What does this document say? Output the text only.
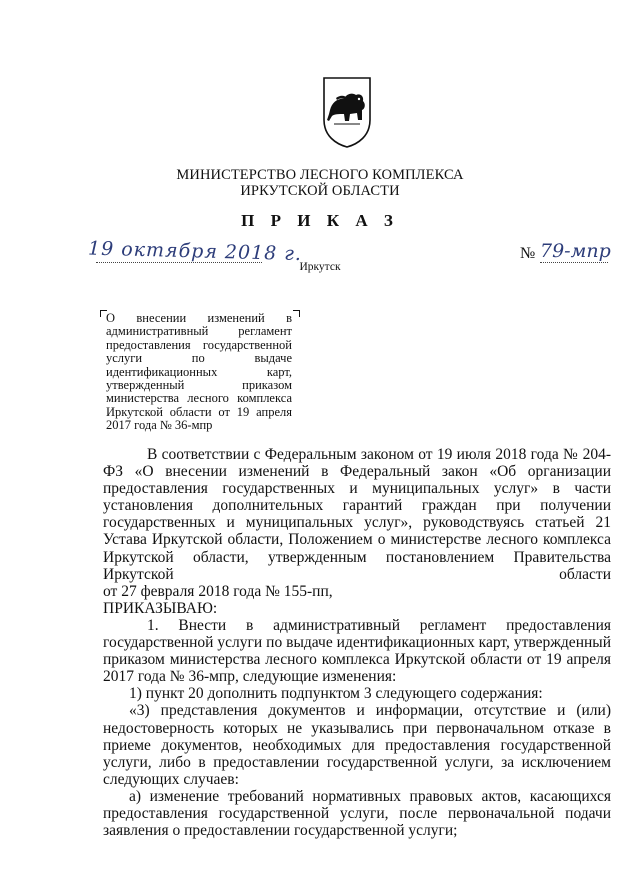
МИНИСТЕРСТВО ЛЕСНОГО КОМПЛЕКСА
ИРКУТСКОЙ ОБЛАСТИ
П Р И К А З
19 октября 2018 г.	№ 79-мпр
Иркутск
О внесении изменений в административный регламент предоставления государственной услуги по выдаче идентификационных карт, утвержденный приказом министерства лесного комплекса Иркутской области от 19 апреля
2017 года № 36-мпр

В соответствии с Федеральным законом от 19 июля 2018 года № 204-ФЗ «О внесении изменений в Федеральный закон «Об организации предоставления государственных и муниципальных услуг» в части установления дополнительных гарантий граждан при получении государственных и муниципальных услуг», руководствуясь статьей 21 Устава Иркутской области, Положением о министерстве лесного комплекса Иркутской области, утвержденным постановлением Правительства Иркутской области

от 27 февраля 2018 года № 155-пп,

ПРИКАЗЫВАЮ:

1. Внести в административный регламент предоставления государственной услуги по выдаче идентификационных карт, утвержденный приказом министерства лесного комплекса Иркутской области от 19 апреля 2017 года № 36-мпр, следующие изменения:

1) пункт 20 дополнить подпунктом 3 следующего содержания:

«3) представления документов и информации, отсутствие и (или) недостоверность которых не указывались при первоначальном отказе в приеме документов, необходимых для предоставления государственной услуги, либо в предоставлении государственной услуги, за исключением следующих случаев:

а) изменение требований нормативных правовых актов, касающихся предоставления государственной услуги, после первоначальной подачи заявления о предоставлении государственной услуги;
